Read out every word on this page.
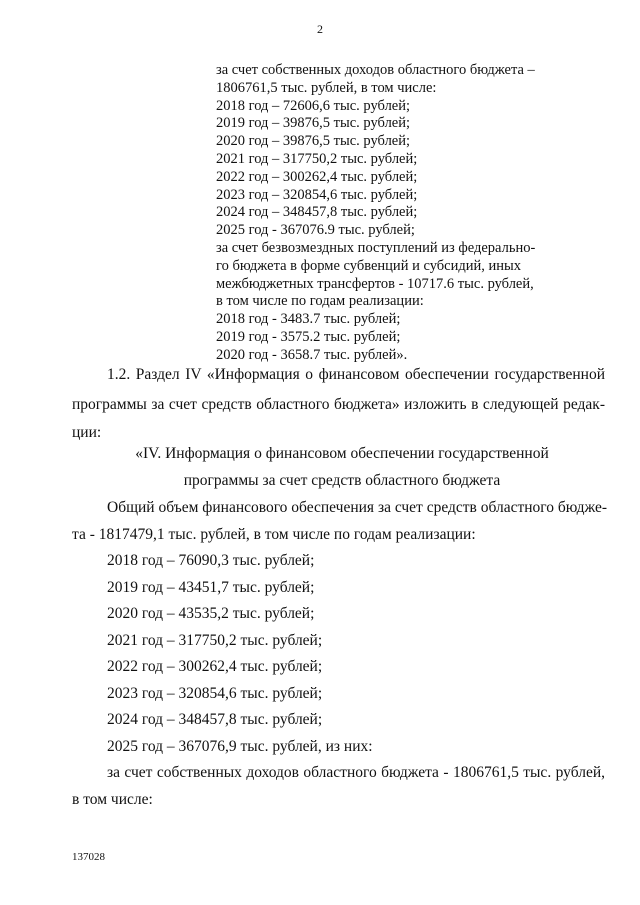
2
за счет собственных доходов областного бюджета –
1806761,5 тыс. рублей, в том числе:
2018 год – 72606,6 тыс. рублей;
2019 год – 39876,5 тыс. рублей;
2020 год – 39876,5 тыс. рублей;
2021 год – 317750,2 тыс. рублей;
2022 год – 300262,4 тыс. рублей;
2023 год – 320854,6 тыс. рублей;
2024 год – 348457,8 тыс. рублей;
2025 год - 367076.9 тыс. рублей;
за счет безвозмездных поступлений из федерально-
го бюджета в форме субвенций и субсидий, иных
межбюджетных трансфертов - 10717.6 тыс. рублей,
в том числе по годам реализации:
2018 год - 3483.7 тыс. рублей;
2019 год - 3575.2 тыс. рублей;
2020 год - 3658.7 тыс. рублей».
1.2. Раздел IV «Информация о финансовом обеспечении государственной
программы за счет средств областного бюджета» изложить в следующей редак-
ции:
«IV. Информация о финансовом обеспечении государственной
программы за счет средств областного бюджета
Общий объем финансового обеспечения за счет средств областного бюдже-
та - 1817479,1 тыс. рублей, в том числе по годам реализации:
2018 год – 76090,3 тыс. рублей;
2019 год – 43451,7 тыс. рублей;
2020 год – 43535,2 тыс. рублей;
2021 год – 317750,2 тыс. рублей;
2022 год – 300262,4 тыс. рублей;
2023 год – 320854,6 тыс. рублей;
2024 год – 348457,8 тыс. рублей;
2025 год – 367076,9 тыс. рублей, из них:
за счет собственных доходов областного бюджета - 1806761,5 тыс. рублей,
в том числе:
137028
